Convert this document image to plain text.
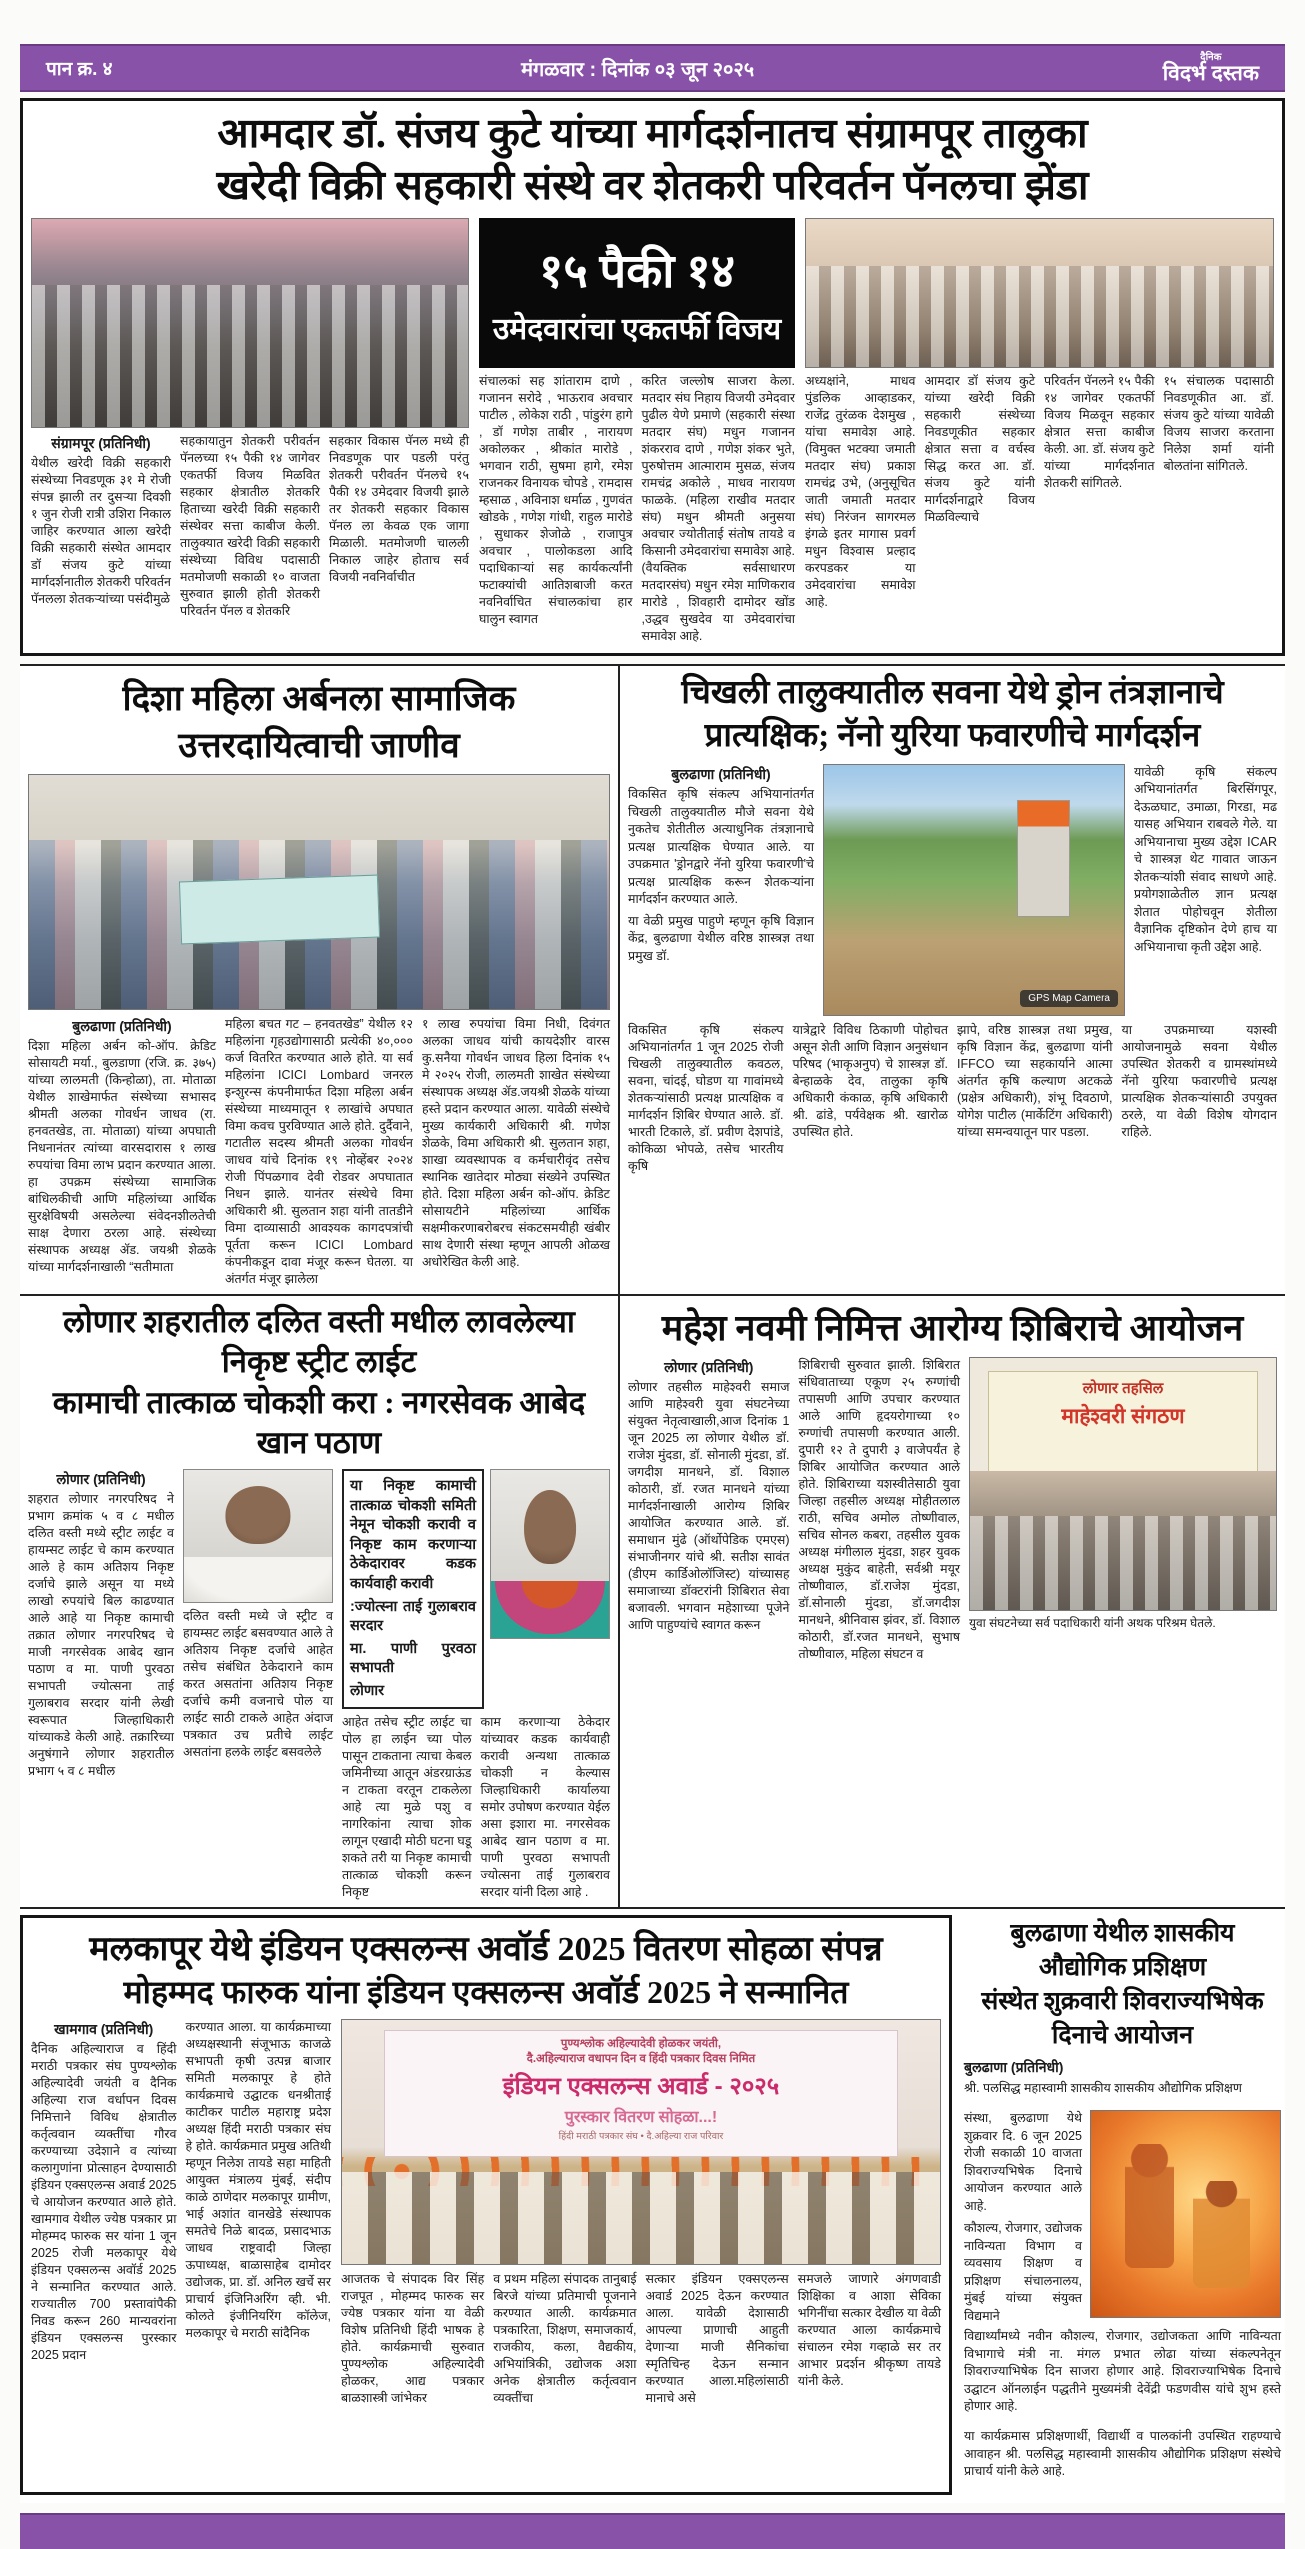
पान क्र. ४	मंगळवार : दिनांक ०३ जून २०२५
दैनिक
विदर्भ दस्तक
आमदार डॉ. संजय कुटे यांच्या मार्गदर्शनातच संग्रामपूर तालुका
खरेदी विक्री सहकारी संस्थे वर शेतकरी परिवर्तन पॅनलचा झेंडा
संग्रामपूर (प्रतिनिधी)
येथील खरेदी विक्री सहकारी संस्थेच्या निवडणूक ३१ मे रोजी संपन्न झाली तर दुसऱ्या दिवशी १ जुन रोजी रात्री उशिरा निकाल जाहिर करण्यात आला खरेदी विक्री सहकारी संस्थेत आमदार डॉ संजय कुटे यांच्या मार्गदर्शनातील शेतकरी परिवर्तन पॅनलला शेतकऱ्यांच्या पसंदीमुळे
सहकायातुन शेतकरी परीवर्तन पॅनलच्या १५ पैकी १४ जागेवर एकतर्फी विजय मिळवित सहकार क्षेत्रातील शेतकरि हिताच्या खरेदी विक्री सहकारी संस्थेवर सत्ता काबीज केली. तालुक्यात खरेदी विक्री सहकारी संस्थेच्या विविध पदासाठी मतमोजणी सकाळी १० वाजता सुरुवात झाली होती शेतकरी परिवर्तन पॅनल व शेतकरि
सहकार विकास पॅनल मध्ये ही निवडणूक पार पडली परंतु शेतकरी परीवर्तन पॅनलचे १५ पैकी १४ उमेदवार विजयी झाले तर शेतकरी सहकार विकास पॅनल ला केवळ एक जागा मिळाली. मतमोजणी चालली निकाल जाहेर होताच सर्व विजयी नवनिर्वाचीत
१५ पैकी १४
उमेदवारांचा एकतर्फी विजय
संचालकां सह शांताराम दाणे , गजानन सरोदे , भाऊराव अवचार पाटील , लोकेश राठी , पांडुरंग हागे , डॉ गणेश ताबीर , नारायण अकोलकर , श्रीकांत मारोडे , भगवान राठी, सुषमा हागे, रमेश राजनकर विनायक चोपडे , रामदास म्हसाळ , अविनाश धर्माळ , गुणवंत खोडके , गणेश गांधी, राहुल मारोडे , सुधाकर शेजोळे , राजापुत्र अवचार , पालोकडला आदि पदाधिकाऱ्यां सह कार्यकर्त्यांनी फटाक्यांची आतिशबाजी करत नवनिर्वाचित संचालकांचा हार घालुन स्वागत
करित जल्लोष साजरा केला. मतदार संघ निहाय विजयी उमेदवार पुढील येणे प्रमाणे (सहकारी संस्था मतदार संघ) मधुन गजानन शंकरराव दाणे , गणेश शंकर भुते, पुरुषोत्तम आत्माराम मुसळ, संजय रामचंद्र अकोले , माधव नारायण फाळके. (महिला राखीव मतदार संघ) मधुन श्रीमती अनुसया अवचार ज्योतीताई संतोष तायडे व किसानी उमेदवारांचा समावेश आहे. (वैयक्तिक सर्वसाधारण मतदारसंघ) मधुन रमेश माणिकराव मारोडे , शिवहारी दामोदर खोंड ,उद्धव सुखदेव या उमेदवारांचा समावेश आहे.
अध्यक्षांने, माधव पुंडलिक आव्हाडकर, राजेंद्र तुरंळक देशमुख , यांचा समावेश आहे. (विमुक्त भटक्या जमाती मतदार संघ) प्रकाश रामचंद्र उभे, (अनुसूचित जाती जमाती मतदार संघ) निरंजन सागरमल इंगळे इतर मागास प्रवर्ग मधुन विश्वास प्रल्हाद करपडकर या उमेदवारांचा समावेश आहे.
आमदार डॉ संजय कुटे यांच्या खरेदी विक्री सहकारी संस्थेच्या निवडणूकीत सहकार क्षेत्रात सत्ता व वर्चस्व सिद्ध करत आ. डॉ. संजय कुटे यांनी मार्गदर्शनाद्वारे विजय मिळविल्याचे
परिवर्तन पॅनलने १५ पैकी १४ जागेवर एकतर्फी विजय मिळवून सहकार क्षेत्रात सत्ता काबीज केली. आ. डॉ. संजय कुटे यांच्या मार्गदर्शनात शेतकरी सांगितले.
१५ संचालक पदासाठी निवडणूकीत आ. डॉ. संजय कुटे यांच्या यावेळी विजय साजरा करताना निलेश शर्मा यांनी बोलतांना सांगितले.
दिशा महिला अर्बनला सामाजिक उत्तरदायित्वाची जाणीव
बुलढाणा (प्रतिनिधी)
दिशा महिला अर्बन को-ऑप. क्रेडिट सोसायटी मर्या., बुलडाणा (रजि. क्र. ३७५) यांच्या लालमती (किन्होळा), ता. मोताळा येथील शाखेमार्फत संस्थेच्या सभासद श्रीमती अलका गोवर्धन जाधव (रा. हनवतखेड, ता. मोताळा) यांच्या अपघाती निधनानंतर त्यांच्या वारसदारास १ लाख रुपयांचा विमा लाभ प्रदान करण्यात आला. हा उपक्रम संस्थेच्या सामाजिक बांधिलकीची आणि महिलांच्या आर्थिक सुरक्षेविषयी असलेल्या संवेदनशीलतेची साक्ष देणारा ठरला आहे. संस्थेच्या संस्थापक अध्यक्ष ॲड. जयश्री शेळके यांच्या मार्गदर्शनाखाली “सतीमाता
महिला बचत गट – हनवतखेड” येथील १२ महिलांना गृहउद्योगासाठी प्रत्येकी ४०,००० कर्ज वितरित करण्यात आले होते. या सर्व महिलांना ICICI Lombard जनरल इन्शुरन्स कंपनीमार्फत दिशा महिला अर्बन संस्थेच्या माध्यमातून १ लाखांचे अपघात विमा कवच पुरविण्यात आले होते. दुर्दैवाने, गटातील सदस्य श्रीमती अलका गोवर्धन जाधव यांचे दिनांक १९ नोव्हेंबर २०२४ रोजी पिंपळगाव देवी रोडवर अपघातात निधन झाले. यानंतर संस्थेचे विमा अधिकारी श्री. सुलतान शहा यांनी तातडीने विमा दाव्यासाठी आवश्यक कागदपत्रांची पूर्तता करून ICICI Lombard कंपनीकडून दावा मंजूर करून घेतला. या अंतर्गत मंजूर झालेला
१ लाख रुपयांचा विमा निधी, दिवंगत अलका जाधव यांची कायदेशीर वारस कु.सनैया गोवर्धन जाधव हिला दिनांक १५ मे २०२५ रोजी, लालमती शाखेत संस्थेच्या संस्थापक अध्यक्ष ॲड.जयश्री शेळके यांच्या हस्ते प्रदान करण्यात आला. यावेळी संस्थेचे मुख्य कार्यकारी अधिकारी श्री. गणेश शेळके, विमा अधिकारी श्री. सुलतान शहा, शाखा व्यवस्थापक व कर्मचारीवृंद तसेच स्थानिक खातेदार मोठ्या संख्येने उपस्थित होते. दिशा महिला अर्बन को-ऑप. क्रेडिट सोसायटीने महिलांच्या आर्थिक सक्षमीकरणाबरोबरच संकटसमयीही खंबीर साथ देणारी संस्था म्हणून आपली ओळख अधोरेखित केली आहे.
चिखली तालुक्यातील सवना येथे ड्रोन तंत्रज्ञानाचे
प्रात्यक्षिक; नॅनो युरिया फवारणीचे मार्गदर्शन
बुलढाणा (प्रतिनिधी)
विकसित कृषि संकल्प अभियानांतर्गत चिखली तालुक्यातील मौजे सवना येथे नुकतेच शेतीतील अत्याधुनिक तंत्रज्ञानाचे प्रत्यक्ष प्रात्यक्षिक घेण्यात आले. या उपक्रमात 'ड्रोनद्वारे नॅनो युरिया फवारणी'चे प्रत्यक्ष प्रात्यक्षिक करून शेतकऱ्यांना मार्गदर्शन करण्यात आले.
या वेळी प्रमुख पाहुणे म्हणून कृषि विज्ञान केंद्र, बुलढाणा येथील वरिष्ठ शास्त्रज्ञ तथा प्रमुख डॉ.
GPS Map Camera
यावेळी कृषि संकल्प अभियानांतर्गत बिरसिंगपूर, देऊळघाट, उमाळा, गिरडा, मढ यासह अभियान राबवले गेले. या अभियानाचा मुख्य उद्देश ICAR चे शास्त्रज्ञ थेट गावात जाऊन शेतकऱ्यांशी संवाद साधणे आहे. प्रयोगशाळेतील ज्ञान प्रत्यक्ष शेतात पोहोचवून शेतीला वैज्ञानिक दृष्टिकोन देणे हाच या अभियानाचा कृती उद्देश आहे.
विकसित कृषि संकल्प अभियानांतर्गत 1 जून 2025 रोजी चिखली तालुक्यातील कवठल, सवना, चांदई, घोडण या गावांमध्ये शेतकऱ्यांसाठी प्रत्यक्ष प्रात्यक्षिक व मार्गदर्शन शिबिर घेण्यात आले. डॉ. भारती टिकाले, डॉ. प्रवीण देशपांडे, कोकिळा भोपळे, तसेच भारतीय कृषि
यात्रेद्वारे विविध ठिकाणी पोहोचत असून शेती आणि विज्ञान अनुसंधान परिषद (भाकृअनुप) चे शास्त्रज्ञ डॉ. बेन्हाळके देव, तालुका कृषि अधिकारी कंकाळ, कृषि अधिकारी श्री. ढांडे, पर्यवेक्षक श्री. खारोळ उपस्थित होते.
झापे, वरिष्ठ शास्त्रज्ञ तथा प्रमुख, कृषि विज्ञान केंद्र, बुलढाणा यांनी IFFCO च्या सहकार्याने आत्मा अंतर्गत कृषि कल्याण अटकळे (प्रक्षेत्र अधिकारी), शंभू दिवठाणे, योगेश पाटील (मार्केटिंग अधिकारी) यांच्या समन्वयातून पार पडला.
या उपक्रमाच्या यशस्वी आयोजनामुळे सवना येथील उपस्थित शेतकरी व ग्रामस्थांमध्ये नॅनो युरिया फवारणीचे प्रत्यक्ष प्रात्यक्षिक शेतकऱ्यांसाठी उपयुक्त ठरले, या वेळी विशेष योगदान राहिले.
लोणार शहरातील दलित वस्ती मधील लावलेल्या निकृष्ट स्ट्रीट लाईट
कामाची तात्काळ चोकशी करा : नगरसेवक आबेद खान पठाण
लोणार (प्रतिनिधी)
शहरात लोणार नगरपरिषद ने प्रभाग क्रमांक ५ व ८ मधील दलित वस्ती मध्ये स्ट्रीट लाईट व हायम्सट लाईट चे काम करण्यात आले हे काम अतिशय निकृष्ट दर्जाचे झाले असून या मध्ये लाखो रुपयांचे बिल काढण्यात आले आहे या निकृष्ट कामाची तक्रात लोणार नगरपरिषद चे माजी नगरसेवक आबेद खान पठाण व मा. पाणी पुरवठा सभापती ज्योत्सना ताई गुलाबराव सरदार यांनी लेखी स्वरूपात जिल्हाधिकारी यांच्याकडे केली आहे. तक्रारिच्या अनुषंगाने लोणार शहरातील प्रभाग ५ व ८ मधील
दलित वस्ती मध्ये जे स्ट्रीट व हायम्सट लाईट बसवण्यात आले ते अतिशय निकृष्ट दर्जाचे आहेत तसेच संबंधित ठेकेदाराने काम करत असतांना अतिशय निकृष्ट दर्जाचे कमी वजनाचे पोल या लाईट साठी टाकले आहेत अंदाज पत्रकात उच प्रतीचे लाईट असतांना हलके लाईट बसवलेले
या निकृष्ट कामाची तात्काळ चोकशी समिती नेमून चोकशी करावी व निकृष्ट काम करणाऱ्या ठेकेदारावर कडक कार्यवाही करावी
:ज्योत्स्ना ताई गुलाबराव सरदार
मा. पाणी पुरवठा सभापती
लोणार
आहेत तसेच स्ट्रीट लाईट चा पोल हा लाईन च्या पोल पासून टाकताना त्याचा केबल जमिनीच्या आतून अंडरग्राऊंड न टाकता वरतून टाकलेला आहे त्या मुळे पशु व नागरिकांना त्याचा शोक लागून एखादी मोठी घटना घडू शकते तरी या निकृष्ट कामाची तात्काळ चोकशी करून निकृष्ट
काम करणाऱ्या ठेकेदार यांच्यावर कडक कार्यवाही करावी अन्यथा तात्काळ चोकशी न केल्यास जिल्हाधिकारी कार्यालया समोर उपोषण करण्यात येईल असा इशारा मा. नगरसेवक आबेद खान पठाण व मा. पाणी पुरवठा सभापती ज्योत्सना ताई गुलाबराव सरदार यांनी दिला आहे .
महेश नवमी निमित्त आरोग्य शिबिराचे आयोजन
लोणार (प्रतिनिधी)
लोणार तहसील माहेश्वरी समाज आणि माहेश्वरी युवा संघटनेच्या संयुक्त नेतृत्वाखाली,आज दिनांक 1 जून 2025 ला लोणार येथील डॉ. राजेश मुंदडा, डॉ. सोनाली मुंदडा, डॉ. जगदीश मानधने, डॉ. विशाल कोठारी, डॉ. रजत मानधने यांच्या मार्गदर्शनाखाली आरोग्य शिबिर आयोजित करण्यात आले. डॉ. समाधान मुंढे (ऑर्थोपेडिक एमएस) संभाजीनगर यांचे श्री. सतीश सावंत (डीएम कार्डिओलॉजिस्ट) यांच्यासह समाजाच्या डॉक्टरांनी शिबिरात सेवा बजावली. भगवान महेशाच्या पूजेने आणि पाहुण्यांचे स्वागत करून
शिबिराची सुरुवात झाली. शिबिरात संधिवाताच्या एकूण २५ रुग्णांची तपासणी आणि उपचार करण्यात आले आणि हृदयरोगाच्या १० रुग्णांची तपासणी करण्यात आली. दुपारी १२ ते दुपारी ३ वाजेपर्यंत हे शिबिर आयोजित करण्यात आले होते. शिबिराच्या यशस्वीतेसाठी युवा जिल्हा तहसील अध्यक्ष मोहीतलाल राठी, सचिव अमोल तोष्णीवाल, सचिव सोनल कबरा, तहसील युवक अध्यक्ष मंगीलाल मुंदडा, शहर युवक अध्यक्ष मुकुंद बाहेती, सर्वश्री मयूर तोष्णीवाल, डॉ.राजेश मुंदडा, डॉ.सोनाली मुंदडा, डॉ.जगदीश मानधने, श्रीनिवास झंवर, डॉ. विशाल कोठारी, डॉ.रजत मानधने, सुभाष तोष्णीवाल, महिला संघटन व
लोणार तहसिल
माहेश्वरी संगठण
युवा संघटनेच्या सर्व पदाधिकारी यांनी अथक परिश्रम घेतले.
मलकापूर येथे इंडियन एक्सलन्स अवॉर्ड 2025 वितरण सोहळा संपन्न
मोहम्मद फारुक यांना इंडियन एक्सलन्स अवॉर्ड 2025 ने सन्मानित
खामगाव (प्रतिनिधी)
दैनिक अहिल्याराज व हिंदी मराठी पत्रकार संघ पुण्यश्लोक अहिल्यादेवी जयंती व दैनिक अहिल्या राज वर्धापन दिवस निमित्ताने विविध क्षेत्रातील कर्तृत्ववान व्यक्तींचा गौरव करण्याच्या उदेशाने व त्यांच्या कलागुणांना प्रोत्साहन देण्यासाठी इंडियन एक्सएलन्स अवार्ड 2025 चे आयोजन करण्यात आले होते. खामगाव येथील ज्येष्ठ पत्रकार प्रा मोहम्मद फारुक सर यांना 1 जून 2025 रोजी मलकापूर येथे इंडियन एक्सलन्स अवॉर्ड 2025 ने सन्मानित करण्यात आले. राज्यातील 700 प्रस्तावांपैकी निवड करून 260 मान्यवरांना इंडियन एक्सलन्स पुरस्कार 2025 प्रदान
करण्यात आला. या कार्यक्रमाच्या अध्यक्षस्थानी संजूभाऊ काजळे सभापती कृषी उत्पन्न बाजार समिती मलकापूर हे होते कार्यक्रमाचे उद्घाटक धनश्रीताई काटीकर पाटील महाराष्ट्र प्रदेश अध्यक्ष हिंदी मराठी पत्रकार संघ हे होते. कार्यक्रमात प्रमुख अतिथी म्हणून निलेश तायडे सहा माहिती आयुक्त मंत्रालय मुंबई, संदीप काळे ठाणेदार मलकापूर ग्रामीण, भाई अशांत वानखेडे संस्थापक समतेचे निळे बादळ, प्रसादभाऊ जाधव राष्ट्रवादी जिल्हा ऊपाध्यक्ष, बाळासाहेब दामोदर उद्योजक, प्रा. डॉ. अनिल खर्चे सर प्राचार्य इंजिनिअरिंग व्ही. भी. कोलते इंजीनियरिंग कॉलेज, मलकापूर चे मराठी सांदैनिक
पुण्यश्लोक अहिल्यादेवी होळकर जयंती,
दै.अहिल्याराज वधापन दिन व हिंदी पत्रकार दिवस निमित
इंडियन एक्सलन्स अवार्ड - २०२५
पुरस्कार वितरण सोहळा...!
हिंदी मराठी पत्रकार संघ • दै.अहिल्या राज परिवार
आजतक चे संपादक विर सिंह राजपूत , मोहम्मद फारुक सर ज्येष्ठ पत्रकार यांना या वेळी विशेष प्रतिनिधी हिंदी भाषक हे होते. कार्यक्रमाची सुरुवात पुण्यश्लोक अहिल्यादेवी होळकर, आद्य पत्रकार बाळशास्त्री जांभेकर
व प्रथम महिला संपादक तानुबाई बिरजे यांच्या प्रतिमाची पूजनाने करण्यात आली. कार्यक्रमात पत्रकारिता, शिक्षण, समाजकार्य, राजकीय, कला, वैद्यकीय, अभियांत्रिकी, उद्योजक अशा अनेक क्षेत्रातील कर्तृत्ववान व्यक्तींचा
सत्कार इंडियन एक्सएलन्स अवार्ड 2025 देऊन करण्यात आला. यावेळी देशासाठी आपल्या प्राणाची आहुती देणाऱ्या माजी सैनिकांचा स्मृतिचिन्ह देऊन सन्मान करण्यात आला.महिलांसाठी मानाचे असे
समजले जाणारे अंगणवाडी शिक्षिका व आशा सेविका भगिनींचा सत्कार देखील या वेळी करण्यात आला कार्यक्रमाचे संचालन रमेश गव्हाळे सर तर आभार प्रदर्शन श्रीकृष्ण तायडे यांनी केले.
बुलढाणा येथील शासकीय औद्योगिक प्रशिक्षण
संस्थेत शुक्रवारी शिवराज्यभिषेक दिनाचे आयोजन
बुलढाणा (प्रतिनिधी)

श्री. पलसिद्ध महास्वामी शासकीय शासकीय औद्योगिक प्रशिक्षण

संस्था, बुलढाणा येथे शुक्रवार दि. 6 जून 2025 रोजी सकाळी 10 वाजता शिवराज्यभिषेक दिनाचे आयोजन करण्यात आले आहे.
कौशल्य, रोजगार, उद्योजक नाविन्यता विभाग व व्यवसाय शिक्षण व प्रशिक्षण संचालनालय, मुंबई यांच्या संयुक्त विद्यमाने

विद्यार्थ्यांमध्ये नवीन कौशल्य, रोजगार, उद्योजकता आणि नाविन्यता विभागाचे मंत्री ना. मंगल प्रभात लोढा यांच्या संकल्पनेतून शिवराज्याभिषेक दिन साजरा होणार आहे. शिवराज्याभिषेक दिनाचे उद्घाटन ऑनलाईन पद्धतीने मुख्यमंत्री देवेंद्री फडणवीस यांचे शुभ हस्ते होणार आहे.

या कार्यक्रमास प्रशिक्षणार्थी, विद्यार्थी व पालकांनी उपस्थित राहण्याचे आवाहन श्री. पलसिद्ध महास्वामी शासकीय औद्योगिक प्रशिक्षण संस्थेचे प्राचार्य यांनी केले आहे.
